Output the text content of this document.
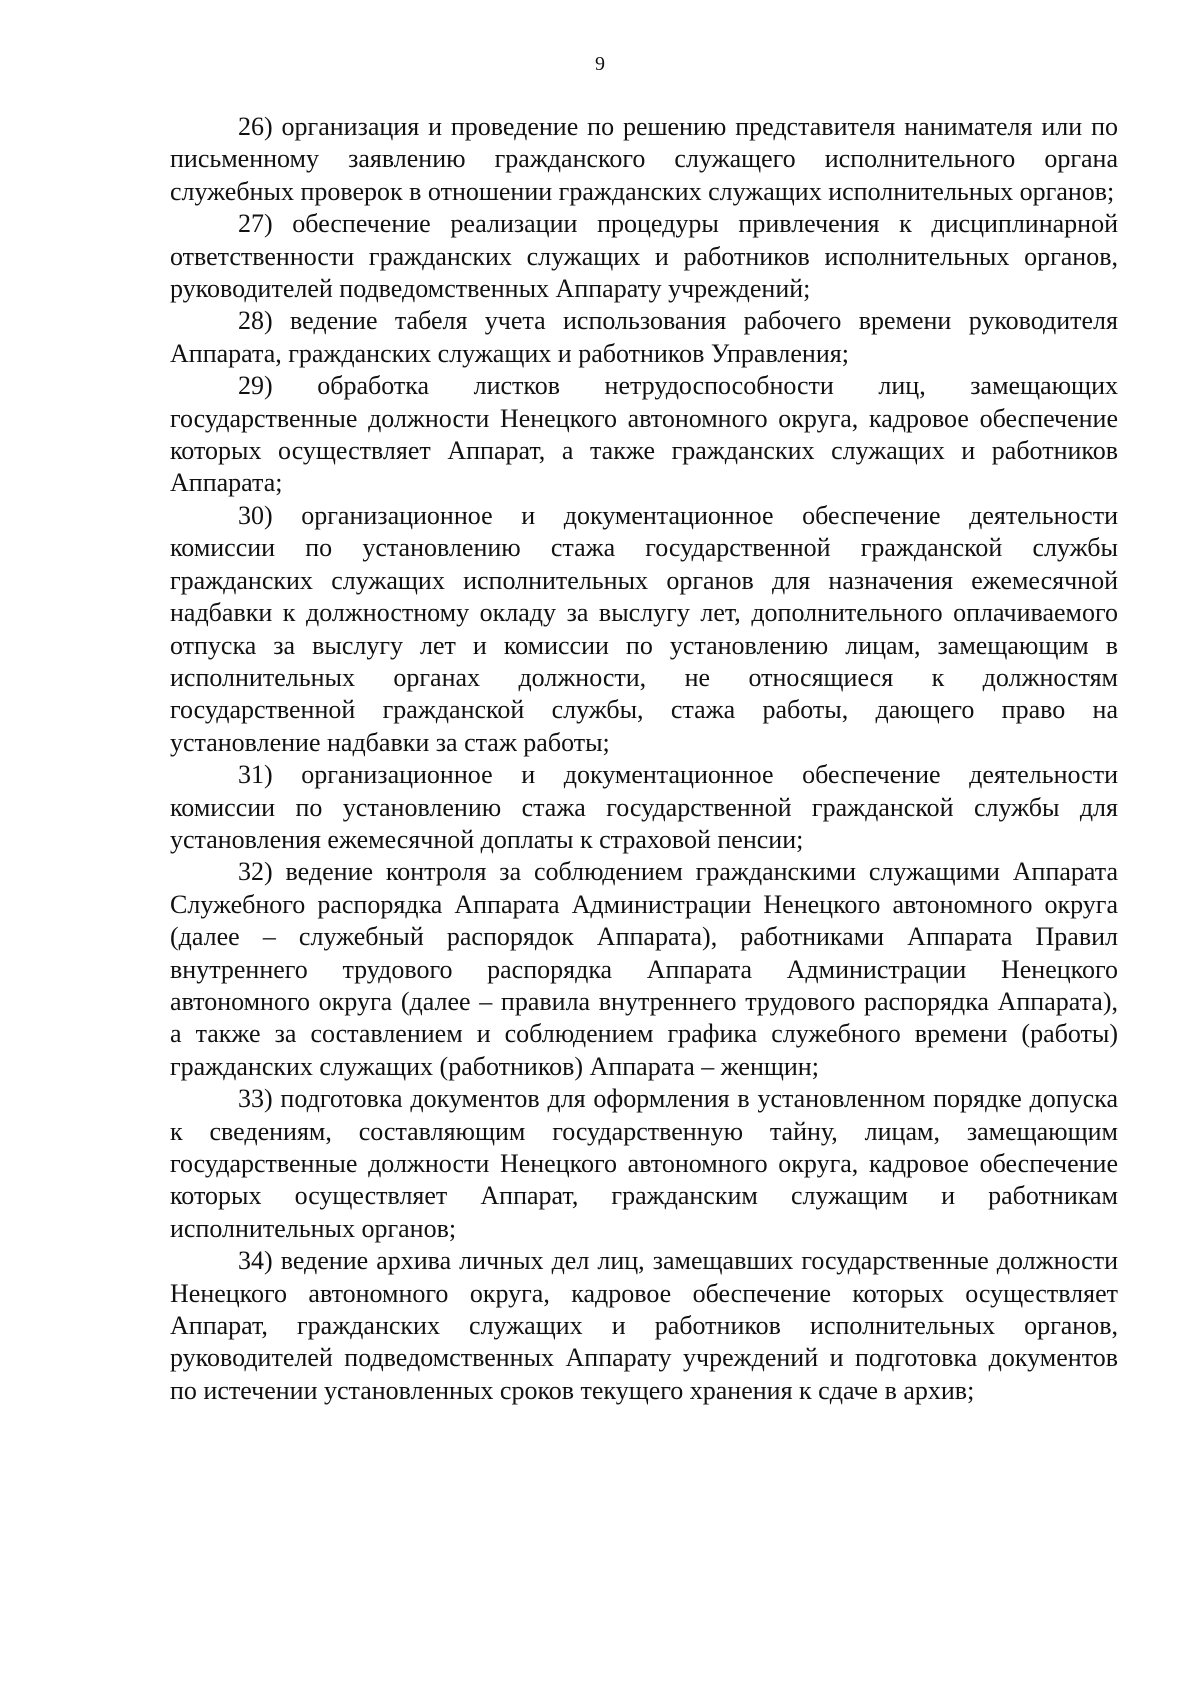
9

26) организация и проведение по решению представителя нанимателя или по письменному заявлению гражданского служащего исполнительного органа служебных проверок в отношении гражданских служащих исполнительных органов;

27) обеспечение реализации процедуры привлечения к дисциплинарной ответственности гражданских служащих и работников исполнительных органов, руководителей подведомственных Аппарату учреждений;

28) ведение табеля учета использования рабочего времени руководителя Аппарата, гражданских служащих и работников Управления;

29) обработка листков нетрудоспособности лиц, замещающих государственные должности Ненецкого автономного округа, кадровое обеспечение которых осуществляет Аппарат, а также гражданских служащих и работников Аппарата;

30) организационное и документационное обеспечение деятельности комиссии по установлению стажа государственной гражданской службы гражданских служащих исполнительных органов для назначения ежемесячной надбавки к должностному окладу за выслугу лет, дополнительного оплачиваемого отпуска за выслугу лет и комиссии по установлению лицам, замещающим в исполнительных органах должности, не относящиеся к должностям государственной гражданской службы, стажа работы, дающего право на установление надбавки за стаж работы;

31) организационное и документационное обеспечение деятельности комиссии по установлению стажа государственной гражданской службы для установления ежемесячной доплаты к страховой пенсии;

32) ведение контроля за соблюдением гражданскими служащими Аппарата Служебного распорядка Аппарата Администрации Ненецкого автономного округа (далее – служебный распорядок Аппарата), работниками Аппарата Правил внутреннего трудового распорядка Аппарата Администрации Ненецкого автономного округа (далее – правила внутреннего трудового распорядка Аппарата), а также за составлением и соблюдением графика служебного времени (работы) гражданских служащих (работников) Аппарата – женщин;

33) подготовка документов для оформления в установленном порядке допуска к сведениям, составляющим государственную тайну, лицам, замещающим государственные должности Ненецкого автономного округа, кадровое обеспечение которых осуществляет Аппарат, гражданским служащим и работникам исполнительных органов;

34) ведение архива личных дел лиц, замещавших государственные должности Ненецкого автономного округа, кадровое обеспечение которых осуществляет Аппарат, гражданских служащих и работников исполнительных органов, руководителей подведомственных Аппарату учреждений и подготовка документов по истечении установленных сроков текущего хранения к сдаче в архив;
